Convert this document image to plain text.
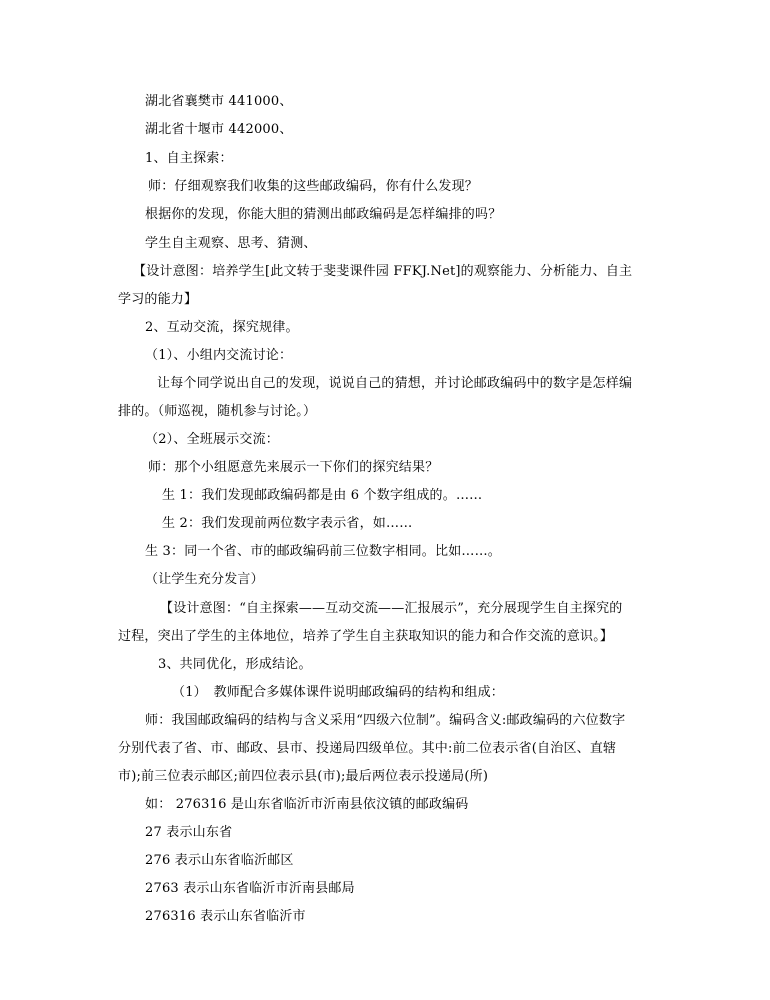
湖北省襄樊市 441000、
湖北省十堰市 442000、
1、自主探索：
师：仔细观察我们收集的这些邮政编码，你有什么发现？
根据你的发现，你能大胆的猜测出邮政编码是怎样编排的吗？
学生自主观察、思考、猜测、
【设计意图：培养学生[此文转于斐斐课件园 FFKJ.Net]的观察能力、分析能力、自主
学习的能力】
2、互动交流，探究规律。
（1）、小组内交流讨论：
让每个同学说出自己的发现，说说自己的猜想，并讨论邮政编码中的数字是怎样编
排的。（师巡视，随机参与讨论。）
（2）、全班展示交流：
师：那个小组愿意先来展示一下你们的探究结果？
生 1：我们发现邮政编码都是由 6 个数字组成的。……
生 2：我们发现前两位数字表示省，如……
生 3：同一个省、市的邮政编码前三位数字相同。比如……。
（让学生充分发言）
【设计意图：“自主探索——互动交流——汇报展示”，充分展现学生自主探究的
过程，突出了学生的主体地位，培养了学生自主获取知识的能力和合作交流的意识。】
3、共同优化，形成结论。
（1）　教师配合多媒体课件说明邮政编码的结构和组成：
师：我国邮政编码的结构与含义采用“四级六位制”。编码含义:邮政编码的六位数字
分别代表了省、市、邮政、县市、投递局四级单位。其中:前二位表示省(自治区、直辖
市);前三位表示邮区;前四位表示县(市);最后两位表示投递局(所)
如： 276316 是山东省临沂市沂南县依汶镇的邮政编码
27 表示山东省
276 表示山东省临沂邮区
2763 表示山东省临沂市沂南县邮局
276316 表示山东省临沂市
